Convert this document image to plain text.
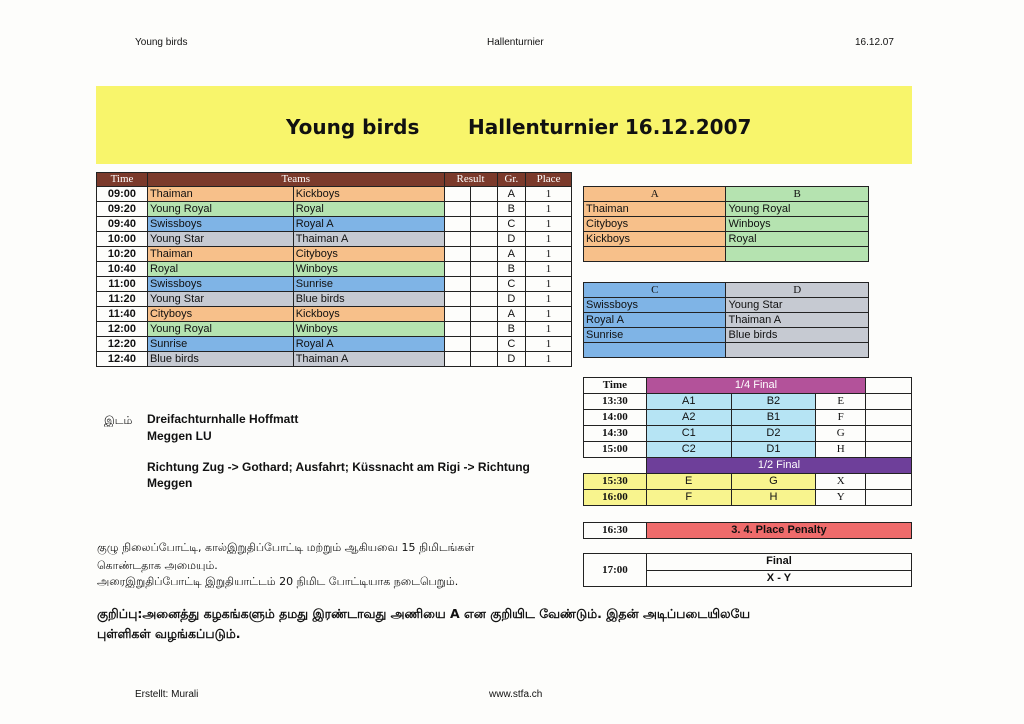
Young birds	Hallenturnier	16.12.07
Young birds Hallenturnier 16.12.2007
Time	Teams		Result		Gr.	Place
09:00	Thaiman	Kickboys			A	1
09:20	Young Royal	Royal			B	1
09:40	Swissboys	Royal A			C	1
10:00	Young Star	Thaiman A			D	1
10:20	Thaiman	Cityboys			A	1
10:40	Royal	Winboys			B	1
11:00	Swissboys	Sunrise			C	1
11:20	Young Star	Blue birds			D	1
11:40	Cityboys	Kickboys			A	1
12:00	Young Royal	Winboys			B	1
12:20	Sunrise	Royal A			C	1
12:40	Blue birds	Thaiman A			D	1
A	B
Thaiman	Young Royal
Cityboys	Winboys
Kickboys	Royal

C	D
Swissboys	Young Star
Royal A	Thaiman A
Sunrise	Blue birds

Time	1/4 Final			
13:30	A1	B2	E	
14:00	A2	B1	F	
14:30	C1	D2	G	
15:00	C2	D1	H	
	1/2 Final			
15:30	E	G	X	
16:00	F	H	Y	
16:30	3. 4. Place Penalty
17:00	Final
X - Y
இடம் Dreifachturnhalle Hoffmatt
Meggen LU
Richtung Zug -> Gothard; Ausfahrt; Küssnacht am Rigi -> Richtung
Meggen
குழு நிலைப்போட்டி, கால்இறுதிப்போட்டி மற்றும் ஆகியவை 15 நிமிடங்கள்
கொண்டதாக அமையும்.
அரைஇறுதிப்போட்டி இறுதியாட்டம் 20 நிமிட போட்டியாக நடைபெறும்.
குறிப்பு:அனைத்து கழகங்களும் தமது இரண்டாவது அணியை A என குறியிட வேண்டும். இதன் அடிப்படையிலயே
புள்ளிகள் வழங்கப்படும்.
Erstellt: Murali	www.stfa.ch
